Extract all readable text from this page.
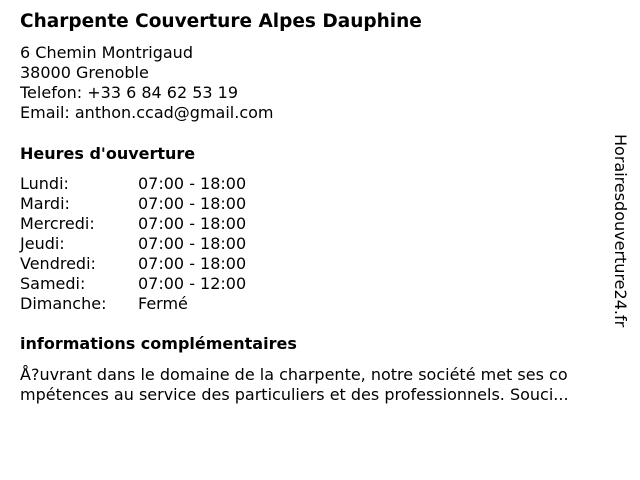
Charpente Couverture Alpes Dauphine
6 Chemin Montrigaud
38000 Grenoble
Telefon: +33 6 84 62 53 19
Email: anthon.ccad@gmail.com
Heures d'ouverture
Lundi:	07:00 - 18:00
Mardi:	07:00 - 18:00
Mercredi:	07:00 - 18:00
Jeudi:	07:00 - 18:00
Vendredi:	07:00 - 18:00
Samedi:	07:00 - 12:00
Dimanche:	Fermé
informations complémentaires
Å?uvrant dans le domaine de la charpente, notre société met ses co
mpétences au service des particuliers et des professionnels. Souci...
Horairesdouverture24.fr
